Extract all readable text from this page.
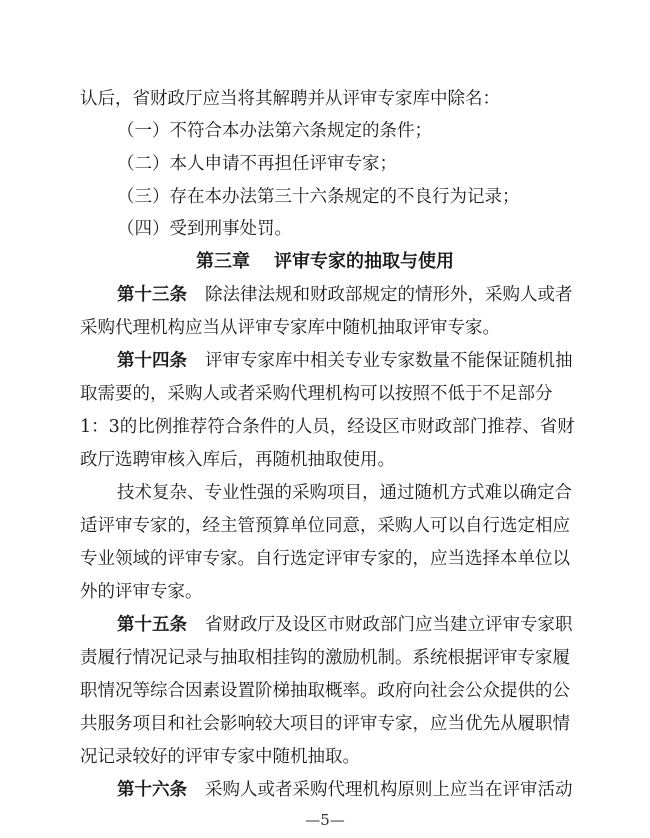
认后，省财政厅应当将其解聘并从评审专家库中除名：
（一）不符合本办法第六条规定的条件；
（二）本人申请不再担任评审专家；
（三）存在本办法第三十六条规定的不良行为记录；
（四）受到刑事处罚。
第三章 评审专家的抽取与使用
第十三条 除法律法规和财政部规定的情形外，采购人或者
采购代理机构应当从评审专家库中随机抽取评审专家。
第十四条 评审专家库中相关专业专家数量不能保证随机抽
取需要的，采购人或者采购代理机构可以按照不低于不足部分
1：3的比例推荐符合条件的人员，经设区市财政部门推荐、省财
政厅选聘审核入库后，再随机抽取使用。
技术复杂、专业性强的采购项目，通过随机方式难以确定合
适评审专家的，经主管预算单位同意，采购人可以自行选定相应
专业领域的评审专家。自行选定评审专家的，应当选择本单位以
外的评审专家。
第十五条 省财政厅及设区市财政部门应当建立评审专家职
责履行情况记录与抽取相挂钩的激励机制。系统根据评审专家履
职情况等综合因素设置阶梯抽取概率。政府向社会公众提供的公
共服务项目和社会影响较大项目的评审专家，应当优先从履职情
况记录较好的评审专家中随机抽取。
第十六条 采购人或者采购代理机构原则上应当在评审活动
—5—
